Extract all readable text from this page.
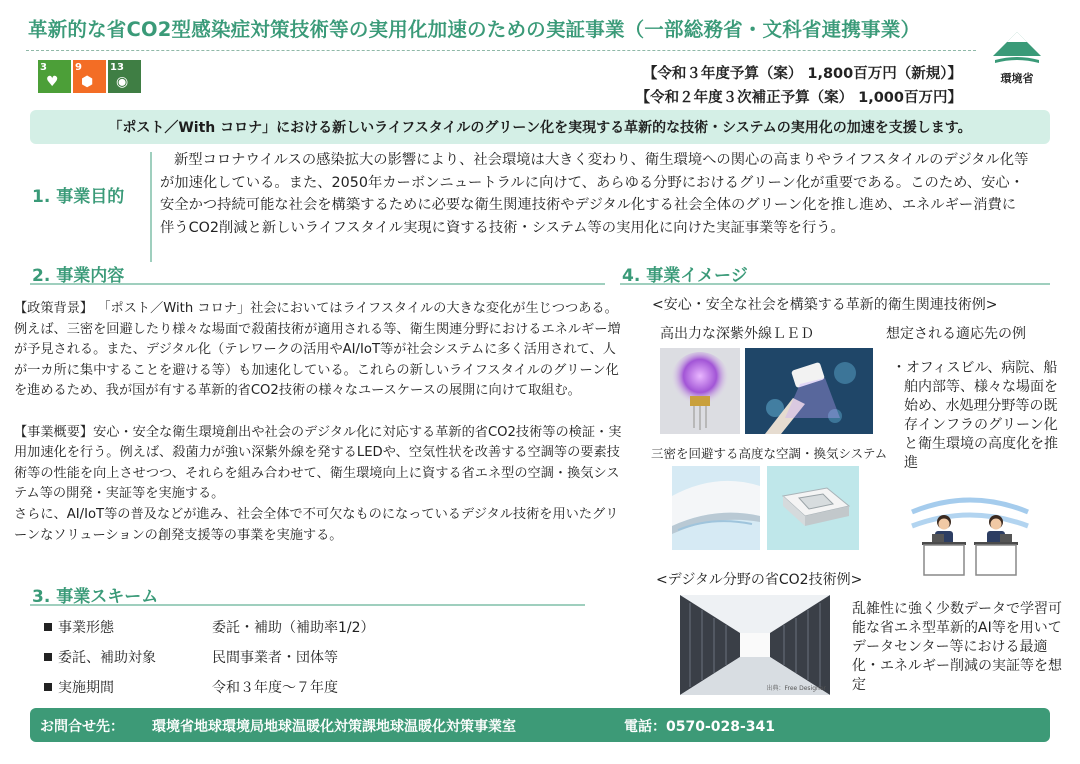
革新的な省CO2型感染症対策技術等の実用化加速のための実証事業（一部総務省・文科省連携事業）
3
♥
9
⬢
13
◉	【令和３年度予算（案） 1,800百万円（新規）】
【令和２年度３次補正予算（案） 1,000百万円】
環境省
「ポスト／With コロナ」における新しいライフスタイルのグリーン化を実現する革新的な技術・システムの実用化の加速を支援します。
1. 事業目的
新型コロナウイルスの感染拡大の影響により、社会環境は大きく変わり、衛生環境への関心の高まりやライフスタイルのデジタル化等が加速化している。また、2050年カーボンニュートラルに向けて、あらゆる分野におけるグリーン化が重要である。このため、安心・安全かつ持続可能な社会を構築するために必要な衛生関連技術やデジタル化する社会全体のグリーン化を推し進め、エネルギー消費に伴うCO2削減と新しいライフスタイル実現に資する技術・システム等の実用化に向けた実証事業等を行う。
2. 事業内容

【政策背景】 「ポスト／With コロナ」社会においてはライフスタイルの大きな変化が生じつつある。例えば、三密を回避したり様々な場面で殺菌技術が適用される等、衛生関連分野におけるエネルギー増が予見される。また、デジタル化（テレワークの活用やAI/IoT等が社会システムに多く活用されて、人が一カ所に集中することを避ける等）も加速化している。これらの新しいライフスタイルのグリーン化を進めるため、我が国が有する革新的省CO2技術の様々なユースケースの展開に向けて取組む。

【事業概要】安心・安全な衛生環境創出や社会のデジタル化に対応する革新的省CO2技術等の検証・実用加速化を行う。例えば、殺菌力が強い深紫外線を発するLEDや、空気性状を改善する空調等の要素技術等の性能を向上させつつ、それらを組み合わせて、衛生環境向上に資する省エネ型の空調・換気システム等の開発・実証等を実施する。

さらに、AI/IoT等の普及などが進み、社会全体で不可欠なものになっているデジタル技術を用いたグリーンなソリューションの創発支援等の事業を実施する。

3. 事業スキーム
事業形態	委託・補助（補助率1/2）
委託、補助対象	民間事業者・団体等
実施期間	令和３年度～７年度
4. 事業イメージ
<安心・安全な社会を構築する革新的衛生関連技術例>
高出力な深紫外線ＬＥＤ	想定される適応先の例
・オフィスビル、病院、船舶内部等、様々な場面を始め、水処理分野等の既存インフラのグリーン化と衛生環境の高度化を推進
三密を回避する高度な空調・換気システム
<デジタル分野の省CO2技術例>
出典：Free Designer
乱雑性に強く少数データで学習可能な省エネ型革新的AI等を用いてデータセンター等における最適化・エネルギー削減の実証等を想定
お問合せ先： 環境省地球環境局地球温暖化対策課地球温暖化対策事業室	電話：0570-028-341
